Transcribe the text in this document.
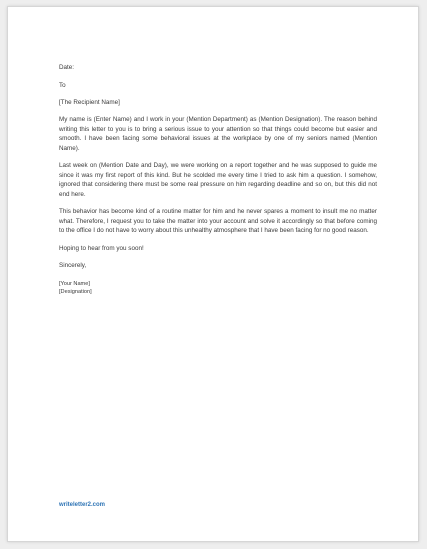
Date:

To

[The Recipient Name]

My name is (Enter Name) and I work in your (Mention Department) as (Mention Designation). The reason behind writing this letter to you is to bring a serious issue to your attention so that things could become but easier and smooth. I have been facing some behavioral issues at the workplace by one of my seniors named (Mention Name).

Last week on (Mention Date and Day), we were working on a report together and he was supposed to guide me since it was my first report of this kind. But he scolded me every time I tried to ask him a question. I somehow, ignored that considering there must be some real pressure on him regarding deadline and so on, but this did not end here.

This behavior has become kind of a routine matter for him and he never spares a moment to insult me no matter what. Therefore, I request you to take the matter into your account and solve it accordingly so that before coming to the office I do not have to worry about this unhealthy atmosphere that I have been facing for no good reason.

Hoping to hear from you soon!

Sincerely,

[Your Name]

[Designation]

writeletter2.com
